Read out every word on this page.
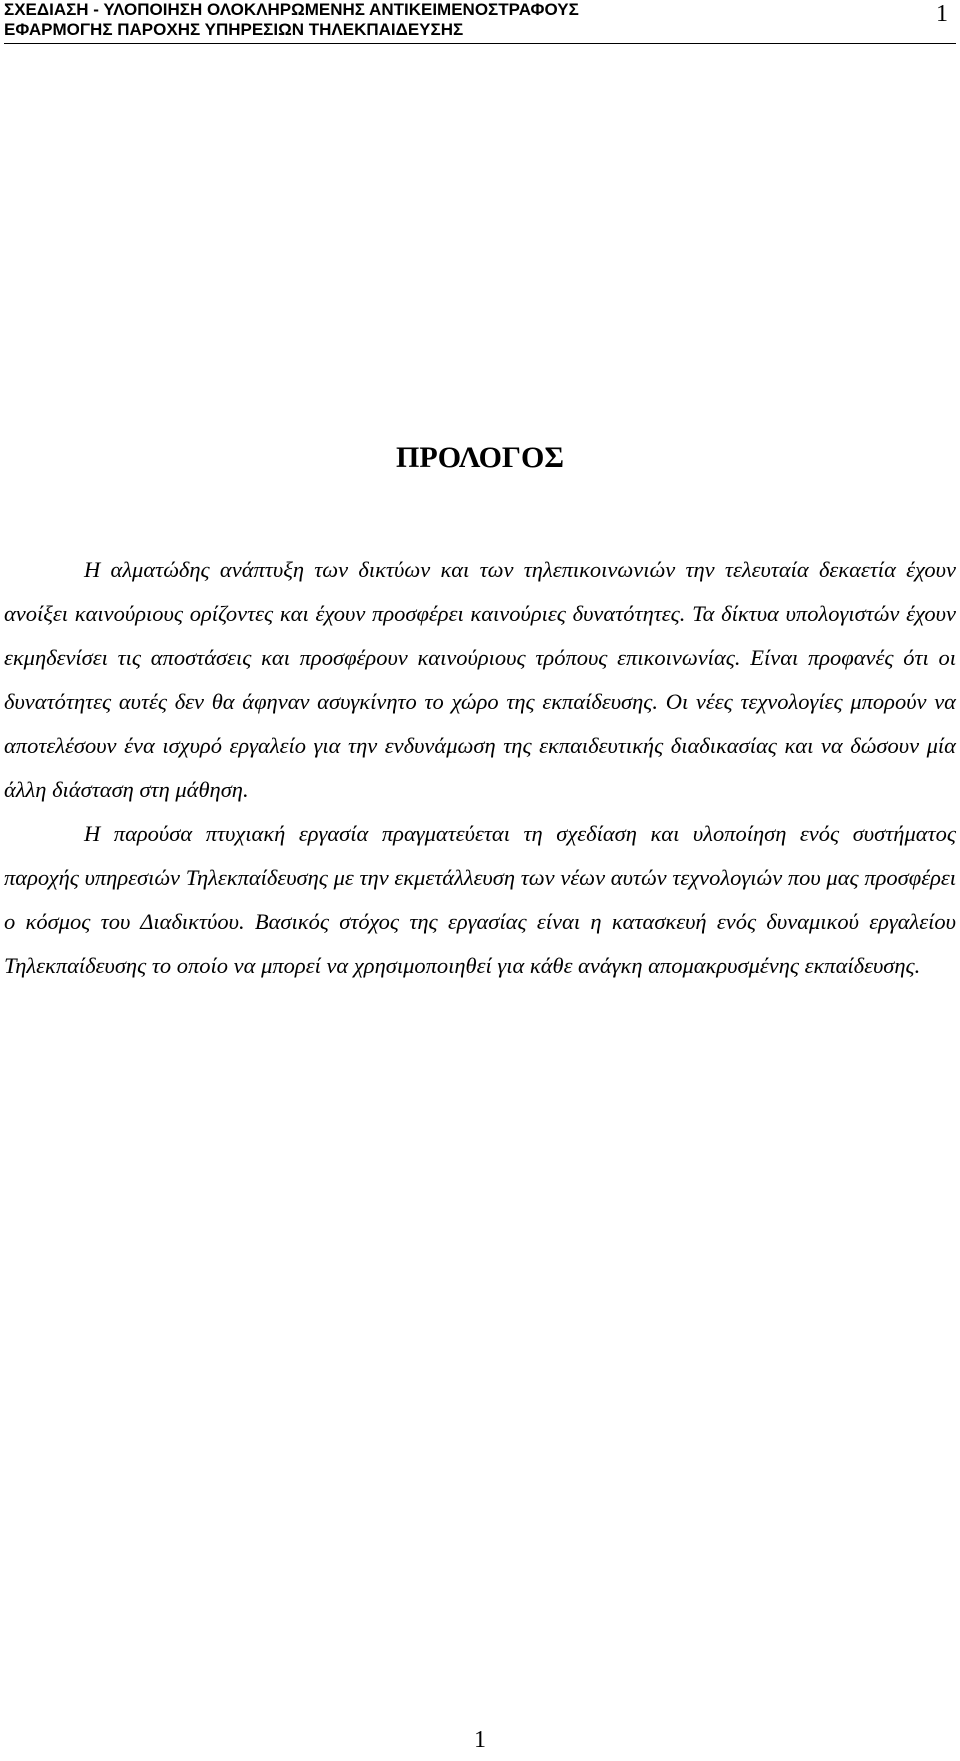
ΣΧΕΔΙΑΣΗ - ΥΛΟΠΟΙΗΣΗ ΟΛΟΚΛΗΡΩΜΕΝΗΣ ΑΝΤΙΚΕΙΜΕΝΟΣΤΡΑΦΟΥΣ
ΕΦΑΡΜΟΓΗΣ ΠΑΡΟΧΗΣ ΥΠΗΡΕΣΙΩΝ ΤΗΛΕΚΠΑΙΔΕΥΣΗΣ
1
ΠΡΟΛΟΓΟΣ

Η αλματώδης ανάπτυξη των δικτύων και των τηλεπικοινωνιών την τελευταία δεκαετία έχουν ανοίξει καινούριους ορίζοντες και έχουν προσφέρει καινούριες δυνατότητες. Τα δίκτυα υπολογιστών έχουν εκμηδενίσει τις αποστάσεις και προσφέρουν καινούριους τρόπους επικοινωνίας. Είναι προφανές ότι οι δυνατότητες αυτές δεν θα άφηναν ασυγκίνητο το χώρο της εκπαίδευσης. Οι νέες τεχνολογίες μπορούν να αποτελέσουν ένα ισχυρό εργαλείο για την ενδυνάμωση της εκπαιδευτικής διαδικασίας και να δώσουν μία άλλη διάσταση στη μάθηση.

Η παρούσα πτυχιακή εργασία πραγματεύεται τη σχεδίαση και υλοποίηση ενός συστήματος παροχής υπηρεσιών Τηλεκπαίδευσης με την εκμετάλλευση των νέων αυτών τεχνολογιών που μας προσφέρει ο κόσμος του Διαδικτύου. Βασικός στόχος της εργασίας είναι η κατασκευή ενός δυναμικού εργαλείου Τηλεκπαίδευσης το οποίο να μπορεί να χρησιμοποιηθεί για κάθε ανάγκη απομακρυσμένης εκπαίδευσης.

1
